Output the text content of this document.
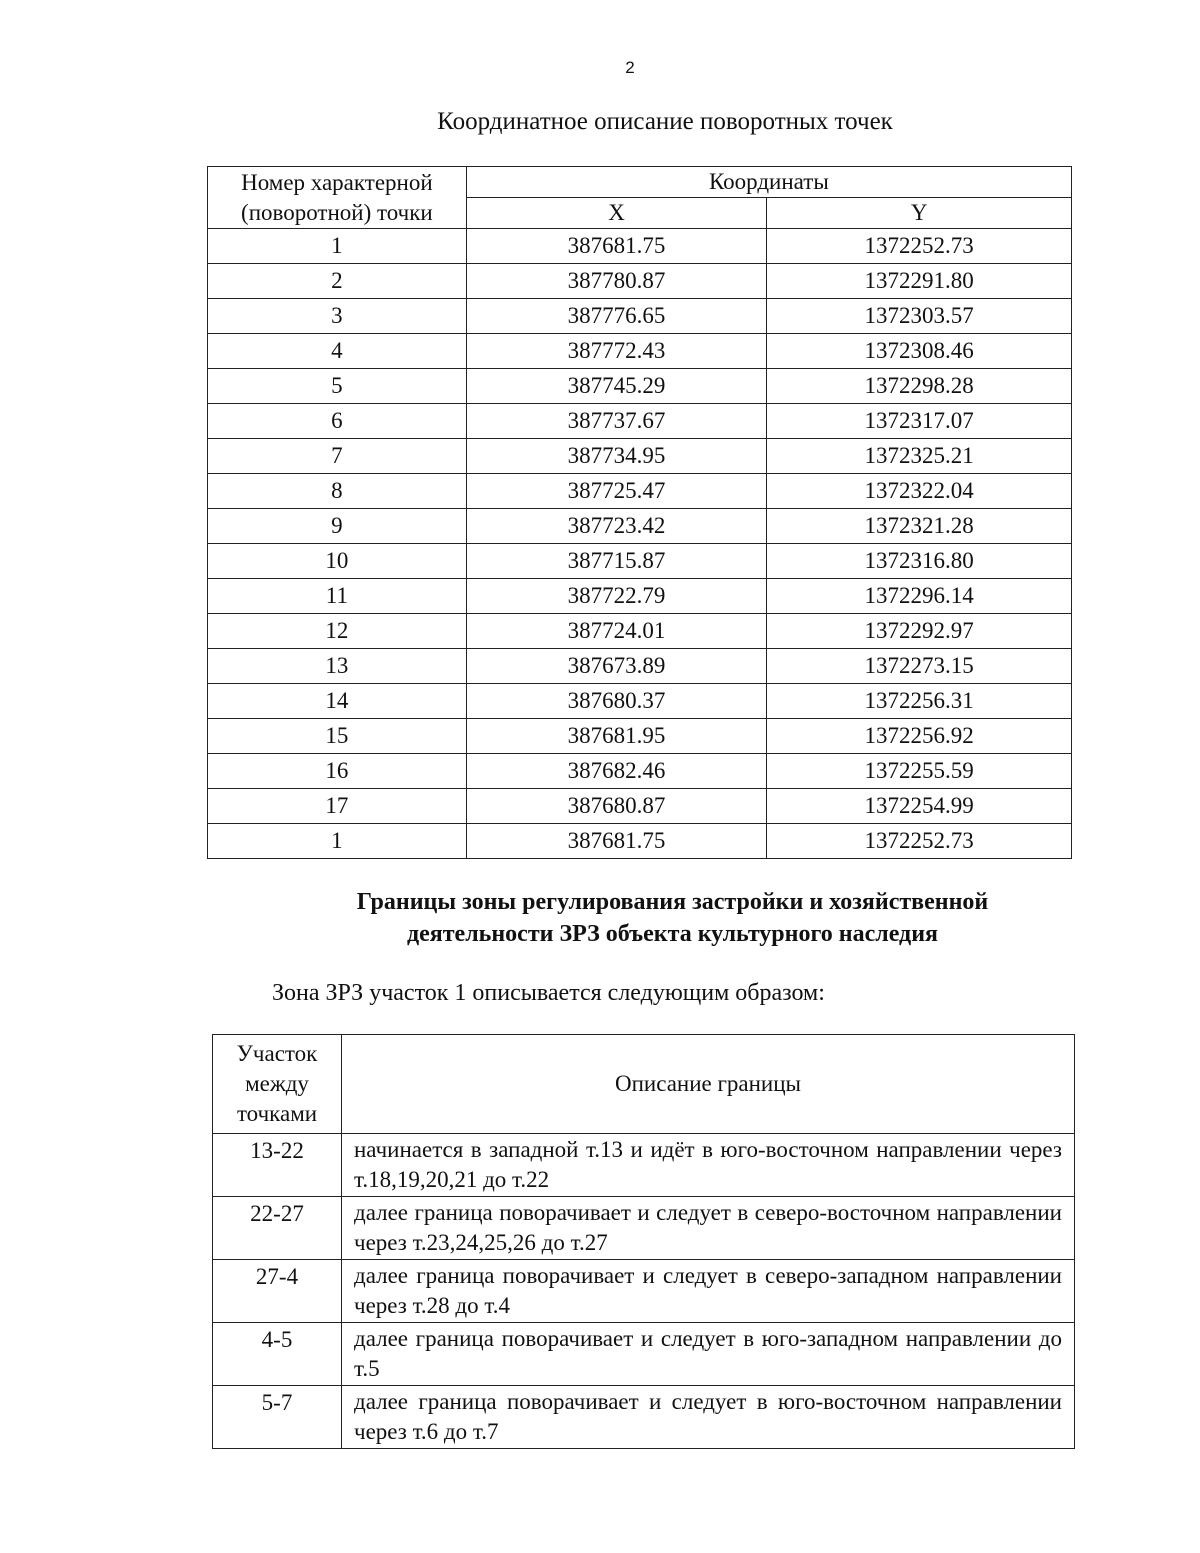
2
Координатное описание поворотных точек
Номер характерной
(поворотной) точки	Координаты	
	X	Y
1	387681.75	1372252.73
2	387780.87	1372291.80
3	387776.65	1372303.57
4	387772.43	1372308.46
5	387745.29	1372298.28
6	387737.67	1372317.07
7	387734.95	1372325.21
8	387725.47	1372322.04
9	387723.42	1372321.28
10	387715.87	1372316.80
11	387722.79	1372296.14
12	387724.01	1372292.97
13	387673.89	1372273.15
14	387680.37	1372256.31
15	387681.95	1372256.92
16	387682.46	1372255.59
17	387680.87	1372254.99
1	387681.75	1372252.73
Границы зоны регулирования застройки и хозяйственной
деятельности ЗРЗ объекта культурного наследия
Зона ЗРЗ участок 1 описывается следующим образом:
Участок
между
точками	Описание границы
13-22	начинается в западной т.13 и идёт в юго-восточном направлении через т.18,19,20,21 до т.22
22-27	далее граница поворачивает и следует в северо-восточном направлении через т.23,24,25,26 до т.27
27-4	далее граница поворачивает и следует в северо-западном направлении через т.28 до т.4
4-5	далее граница поворачивает и следует в юго-западном направлении до т.5
5-7	далее граница поворачивает и следует в юго-восточном направлении через т.6 до т.7
